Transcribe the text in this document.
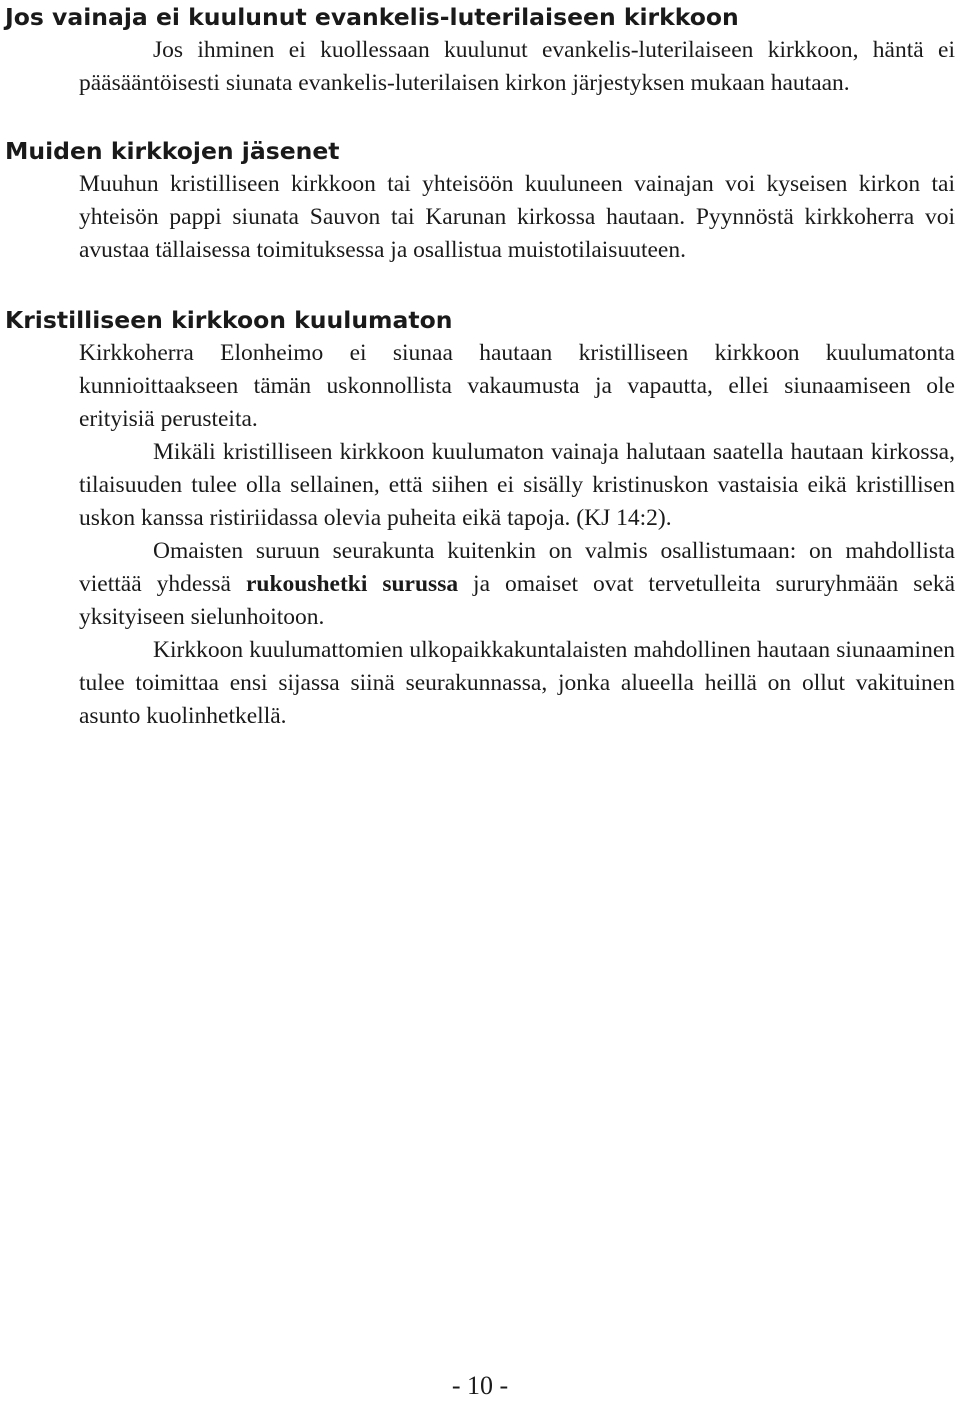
Jos vainaja ei kuulunut evankelis-luterilaiseen kirkkoon

Jos ihminen ei kuollessaan kuulunut evankelis-luterilaiseen kirkkoon, häntä ei pääsääntöisesti siunata evankelis-luterilaisen kirkon järjestyksen mukaan hautaan.

Muiden kirkkojen jäsenet

Muuhun kristilliseen kirkkoon tai yhteisöön kuuluneen vainajan voi kyseisen kirkon tai yhteisön pappi siunata Sauvon tai Karunan kirkossa hautaan. Pyynnöstä kirkkoherra voi avustaa tällaisessa toimituksessa ja osallistua muistotilaisuuteen.

Kristilliseen kirkkoon kuulumaton

Kirkkoherra Elonheimo ei siunaa hautaan kristilliseen kirkkoon kuulumatonta kunnioittaakseen tämän uskonnollista vakaumusta ja vapautta, ellei siunaamiseen ole erityisiä perusteita.

Mikäli kristilliseen kirkkoon kuulumaton vainaja halutaan saatella hautaan kirkossa, tilaisuuden tulee olla sellainen, että siihen ei sisälly kristinuskon vastaisia eikä kristillisen uskon kanssa ristiriidassa olevia puheita eikä tapoja. (KJ 14:2).

Omaisten suruun seurakunta kuitenkin on valmis osallistumaan: on mahdollista viettää yhdessä rukoushetki surussa ja omaiset ovat tervetulleita sururyhmään sekä yksityiseen sielunhoitoon.

Kirkkoon kuulumattomien ulkopaikkakuntalaisten mahdollinen hautaan siunaaminen tulee toimittaa ensi sijassa siinä seurakunnassa, jonka alueella heillä on ollut vakituinen asunto kuolinhetkellä.

- 10 -
